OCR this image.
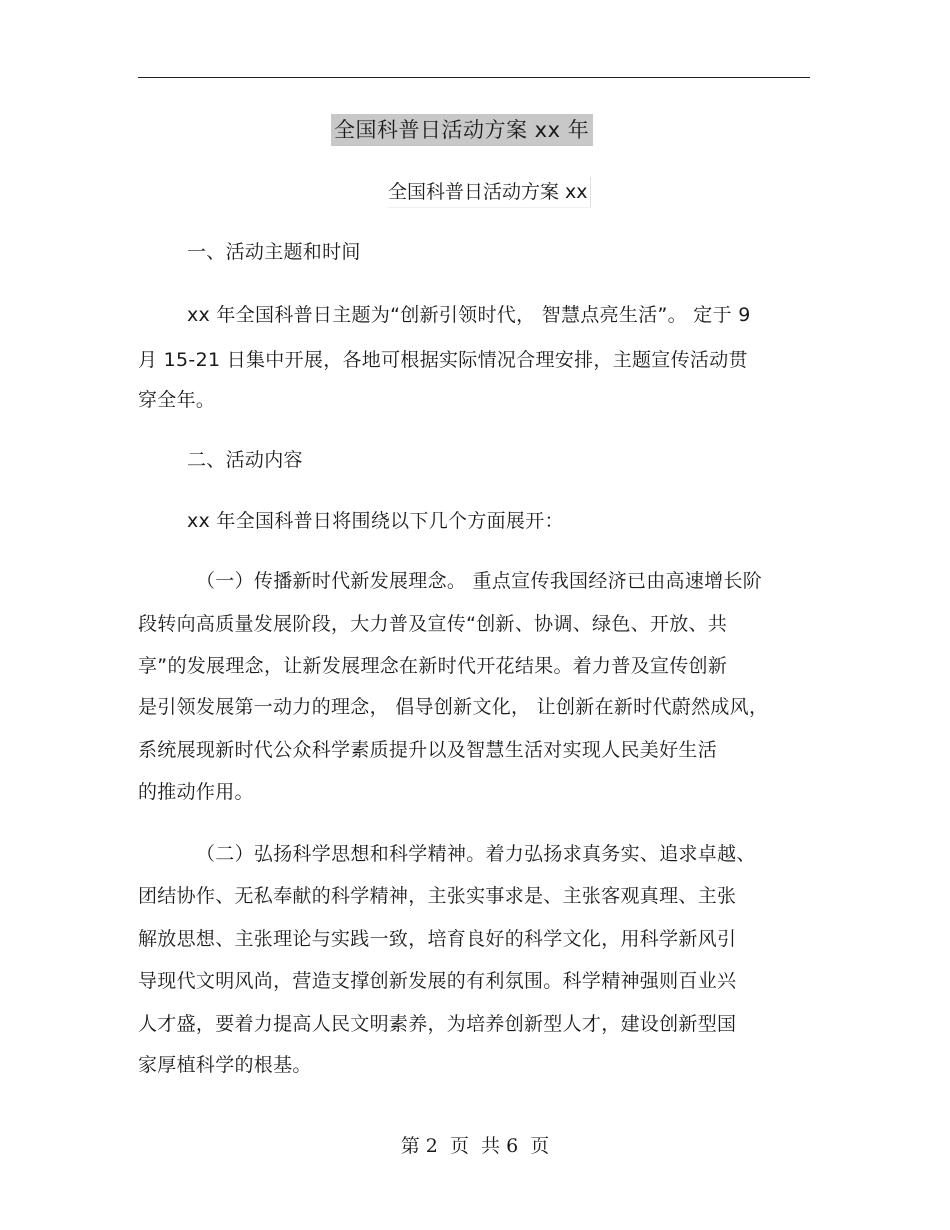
全国科普日活动方案 xx 年
全国科普日活动方案 xx
一、活动主题和时间
xx 年全国科普日主题为“创新引领时代， 智慧点亮生活”。 定于 9
月 15-21 日集中开展，各地可根据实际情况合理安排，主题宣传活动贯
穿全年。
二、活动内容
xx 年全国科普日将围绕以下几个方面展开：
（一）传播新时代新发展理念。 重点宣传我国经济已由高速增长阶
段转向高质量发展阶段，大力普及宣传“创新、协调、绿色、开放、共
享”的发展理念，让新发展理念在新时代开花结果。着力普及宣传创新
是引领发展第一动力的理念， 倡导创新文化， 让创新在新时代蔚然成风，
系统展现新时代公众科学素质提升以及智慧生活对实现人民美好生活
的推动作用。
（二）弘扬科学思想和科学精神。着力弘扬求真务实、追求卓越、
团结协作、无私奉献的科学精神，主张实事求是、主张客观真理、主张
解放思想、主张理论与实践一致，培育良好的科学文化，用科学新风引
导现代文明风尚，营造支撑创新发展的有利氛围。科学精神强则百业兴
人才盛，要着力提高人民文明素养，为培养创新型人才，建设创新型国
家厚植科学的根基。
第 2  页  共 6  页
